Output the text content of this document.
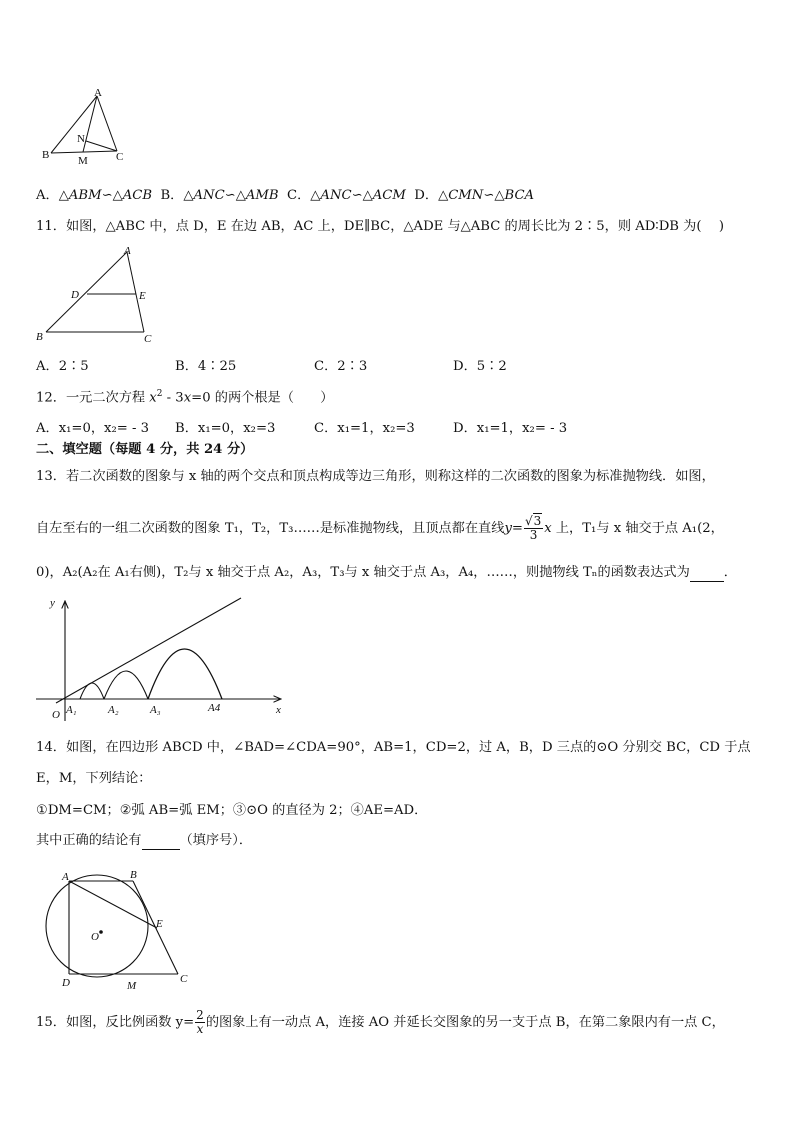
A
N
B	M	C
A．△ABM∽△ACB B．△ANC∽△AMB C．△ANC∽△ACM D．△CMN∽△BCA
11．如图，△ABC 中，点 D，E 在边 AB，AC 上，DE∥BC，△ADE 与△ABC 的周长比为 2∶5，则 AD∶DB 为(　 )
A
D	E
B	C
A．2∶5	B．4∶25	C．2∶3	D．5∶2
12．一元二次方程 $x^2 - 3x=0$ 的两个根是（　　）
A．x₁=0，x₂= - 3 B．x₁=0，x₂=3	C．x₁=1，x₂=3	D．x₁=1，x₂= - 3
二、填空题（每题 4 分，共 24 分）
13．若二次函数的图象与 x 轴的两个交点和顶点构成等边三角形，则称这样的二次函数的图象为标准抛物线．如图，
自左至右的一组二次函数的图象 T₁，T₂，T₃……是标准抛物线，且顶点都在直线$y= \frac{√3}{3}$ x 上，T₁与 x 轴交于点 A₁(2，
0)，A₂(A₂在 A₁右侧)，T₂与 x 轴交于点 A₂，A₃，T₃与 x 轴交于点 A₃，A₄，……，则抛物线 Tₙ的函数表达式为	．
y
x
O A₁	A₂	A₃	A4
14．如图，在四边形 ABCD 中，∠BAD=∠CDA=90°，AB=1，CD=2，过 A，B，D 三点的⊙O 分别交 BC，CD 于点
E，M，下列结论：
①DM=CM；②弧 AB=弧 EM；③⊙O 的直径为 2；④AE=AD．
其中正确的结论有	（填序号）．
A	B
E
O
D	M
C
15．如图，反比例函数 $y= \frac{2}{x}$ 的图象上有一动点 A，连接 AO 并延长交图象的另一支于点 B，在第二象限内有一点 C，
